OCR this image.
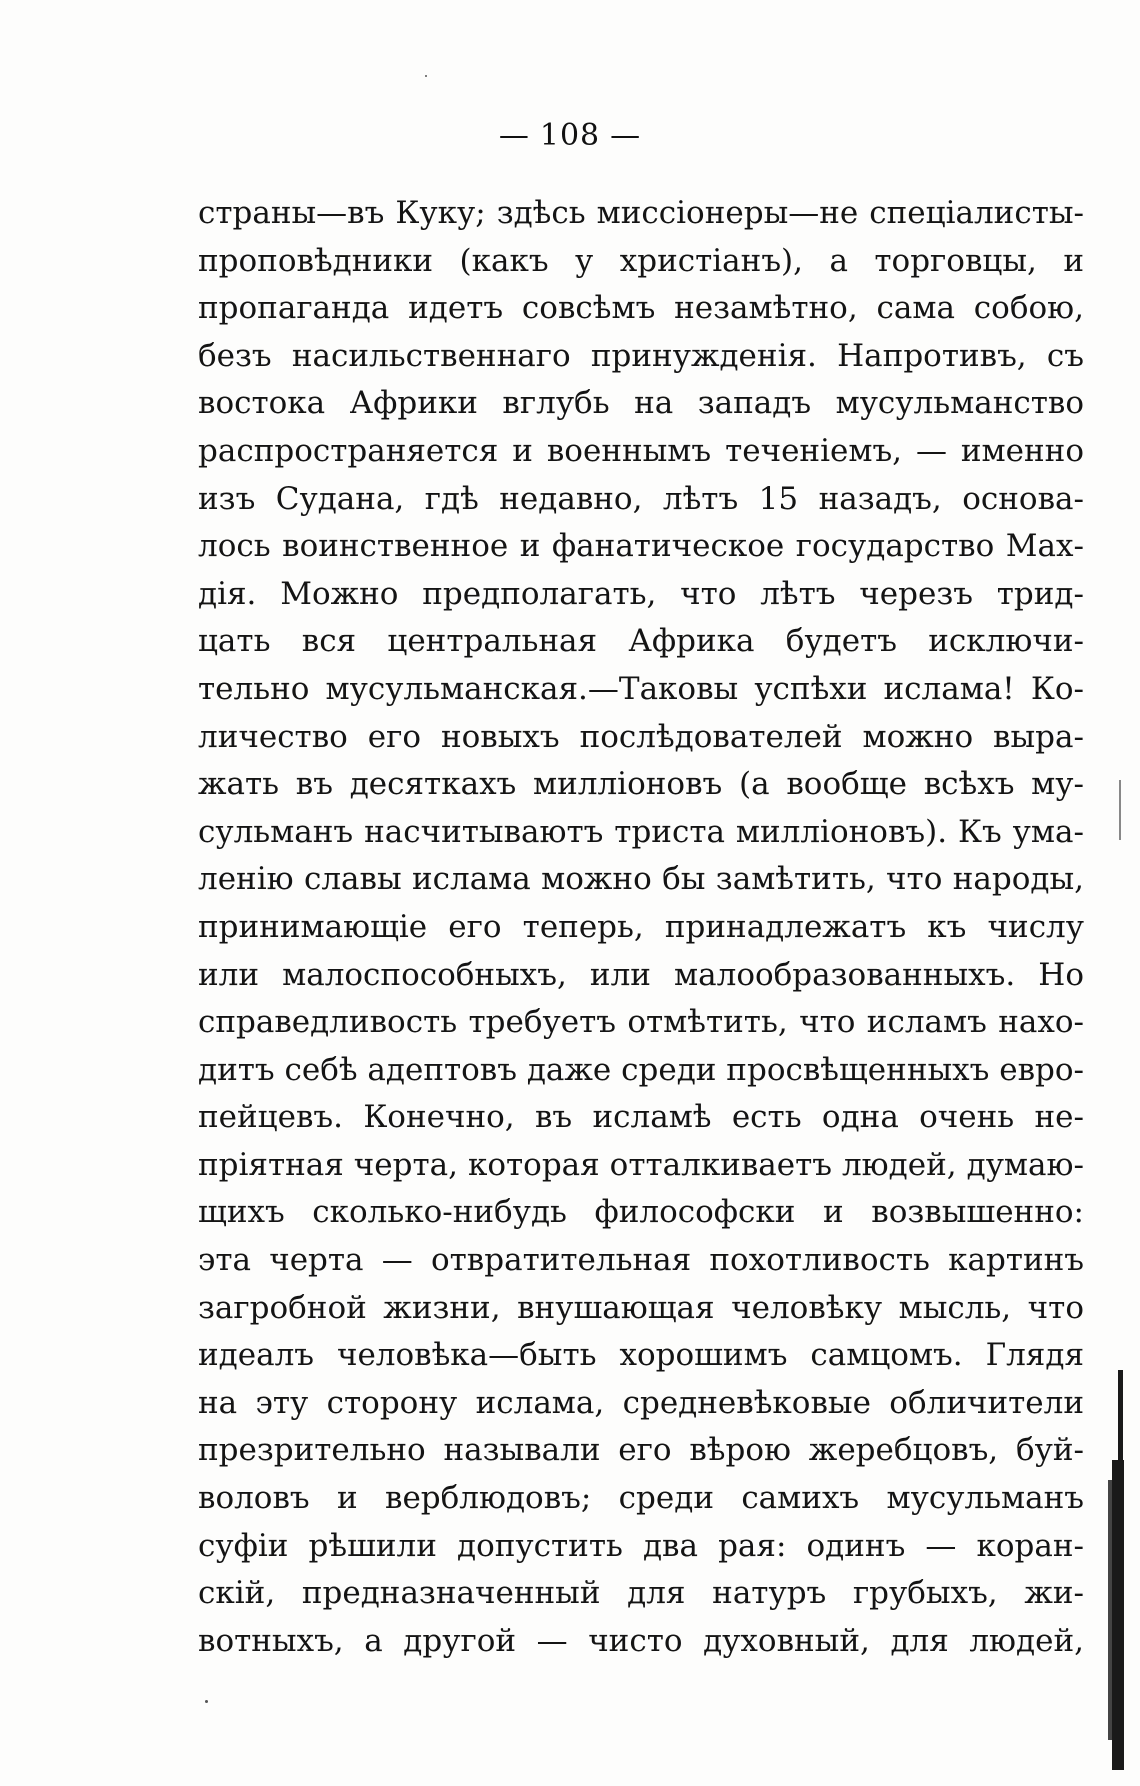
— 108 —
страны—въ Куку; здѣсь миссіонеры—не спеціалисты-
проповѣдники (какъ у христіанъ), а торговцы, и
пропаганда идетъ совсѣмъ незамѣтно, сама собою,
безъ насильственнаго принужденія. Напротивъ, съ
востока Африки вглубь на западъ мусульманство
распространяется и военнымъ теченіемъ, — именно
изъ Судана, гдѣ недавно, лѣтъ 15 назадъ, основа-
лось воинственное и фанатическое государство Мах-
дія. Можно предполагать, что лѣтъ черезъ трид-
цать вся центральная Африка будетъ исключи-
тельно мусульманская.—Таковы успѣхи ислама! Ко-
личество его новыхъ послѣдователей можно выра-
жать въ десяткахъ милліоновъ (а вообще всѣхъ му-
сульманъ насчитываютъ триста милліоновъ). Къ ума-
ленію славы ислама можно бы замѣтить, что народы,
принимающіе его теперь, принадлежатъ къ числу
или малоспособныхъ, или малообразованныхъ. Но
справедливость требуетъ отмѣтить, что исламъ нахо-
дитъ себѣ адептовъ даже среди просвѣщенныхъ евро-
пейцевъ. Конечно, въ исламѣ есть одна очень не-
пріятная черта, которая отталкиваетъ людей, думаю-
щихъ сколько-нибудь философски и возвышенно:
эта черта — отвратительная похотливость картинъ
загробной жизни, внушающая человѣку мысль, что
идеалъ человѣка—быть хорошимъ самцомъ. Глядя
на эту сторону ислама, средневѣковые обличители
презрительно называли его вѣрою жеребцовъ, буй-
воловъ и верблюдовъ; среди самихъ мусульманъ
суфіи рѣшили допустить два рая: одинъ — коран-
скій, предназначенный для натуръ грубыхъ, жи-
вотныхъ, а другой — чисто духовный, для людей,
